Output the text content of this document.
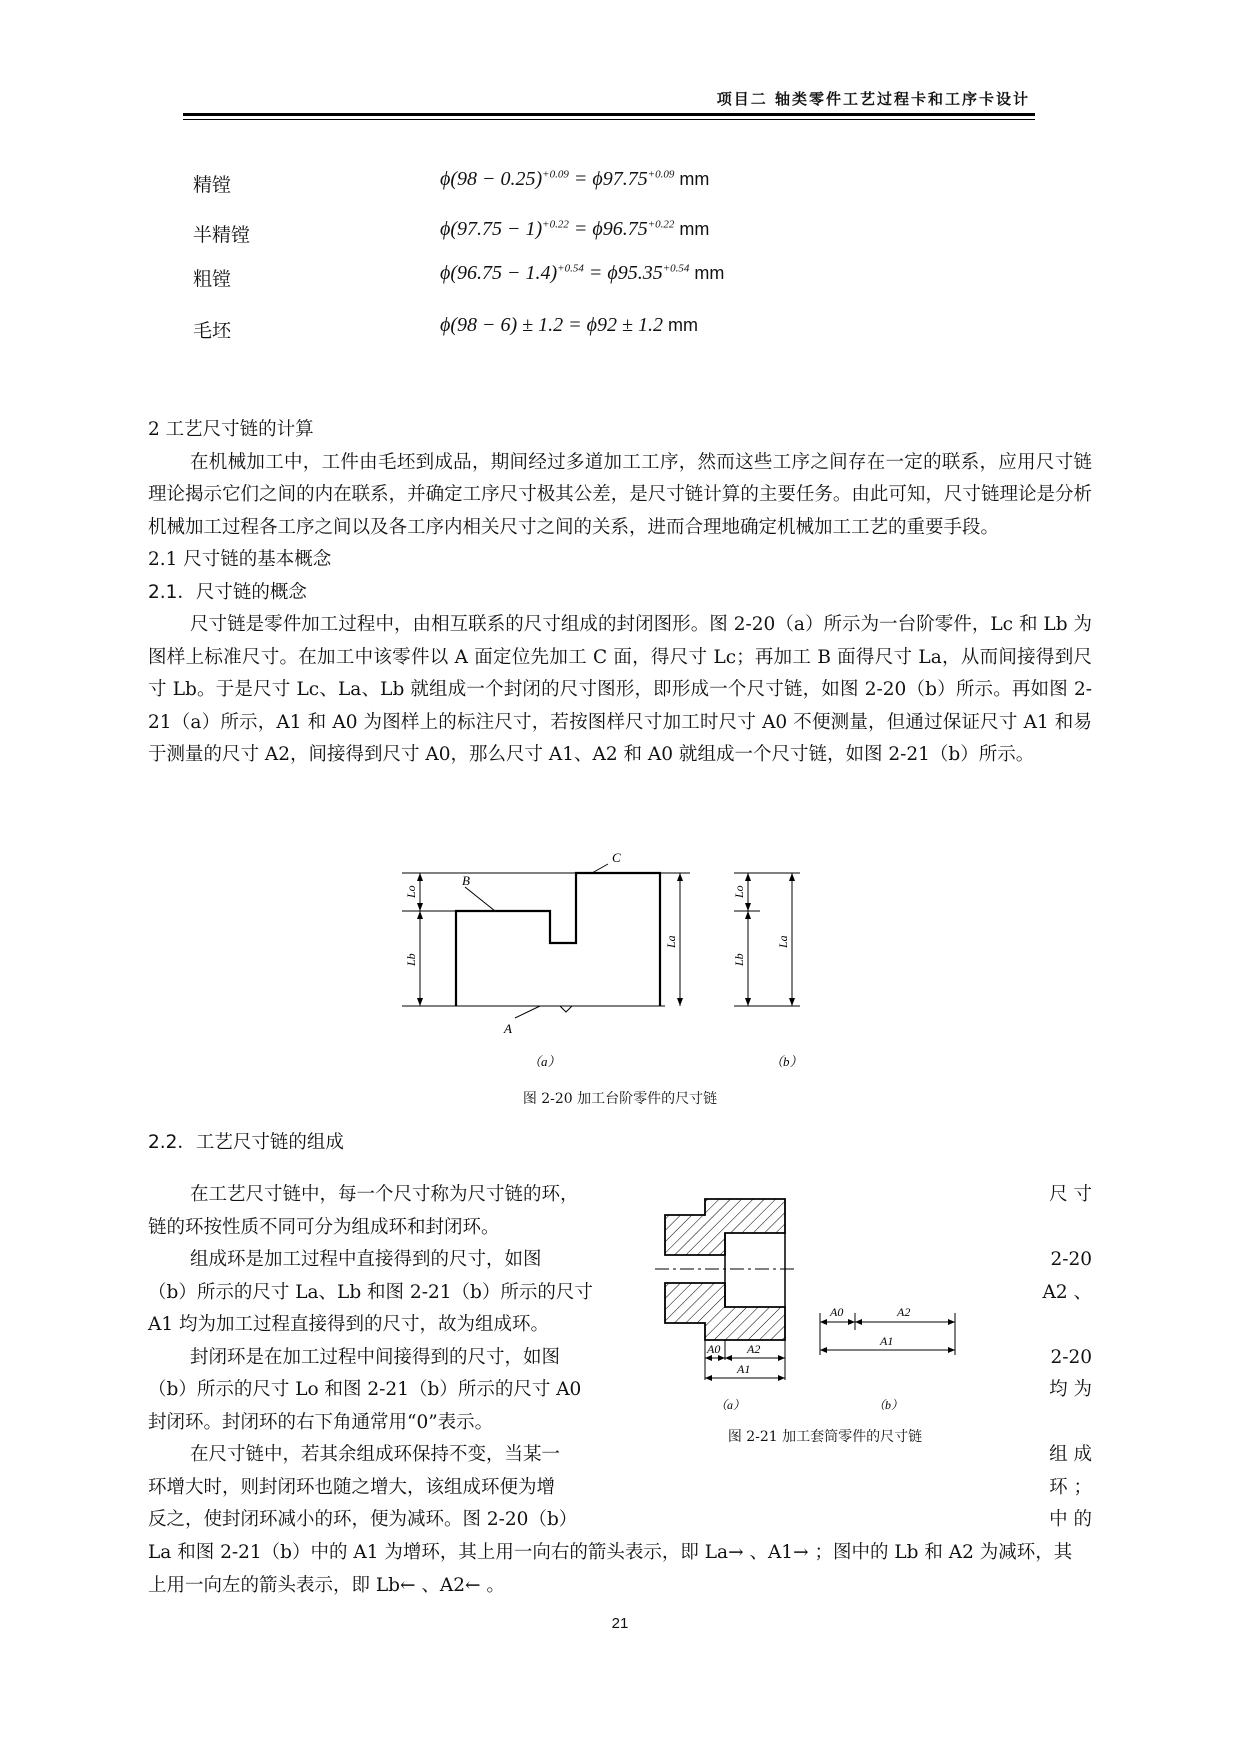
项目二 轴类零件工艺过程卡和工序卡设计
精镗	$\phi(98 - 0.25)^{+0.09} = \phi 97.75^{+0.09}$ mm
半精镗	$\phi(97.75 - 1)^{+0.22} = \phi 96.75^{+0.22}$ mm
粗镗	$\phi(96.75 - 1.4)^{+0.54} = \phi 95.35^{+0.54}$ mm
毛坯	ϕ(98 − 6) ± 1.2 = ϕ92 ± 1.2 mm

2 工艺尺寸链的计算

在机械加工中，工件由毛坯到成品，期间经过多道加工工序，然而这些工序之间存在一定的联系，应用尺寸链理论揭示它们之间的内在联系，并确定工序尺寸极其公差，是尺寸链计算的主要任务。由此可知，尺寸链理论是分析机械加工过程各工序之间以及各工序内相关尺寸之间的关系，进而合理地确定机械加工工艺的重要手段。

2.1 尺寸链的基本概念

2.1．尺寸链的概念

尺寸链是零件加工过程中，由相互联系的尺寸组成的封闭图形。图 2-20（a）所示为一台阶零件，Lc 和 Lb 为图样上标准尺寸。在加工中该零件以 A 面定位先加工 C 面，得尺寸 Lc；再加工 B 面得尺寸 La，从而间接得到尺寸 Lb。于是尺寸 Lc、La、Lb 就组成一个封闭的尺寸图形，即形成一个尺寸链，如图 2-20（b）所示。再如图 2-21（a）所示，A1 和 A0 为图样上的标注尺寸，若按图样尺寸加工时尺寸 A0 不便测量，但通过保证尺寸 A1 和易于测量的尺寸 A2，间接得到尺寸 A0，那么尺寸 A1、A2 和 A0 就组成一个尺寸链，如图 2-21（b）所示。

C
B
A
Lo
Lb
La
Lo
Lb
La
（a）	（b）
图 2-20 加工台阶零件的尺寸链
2.2．工艺尺寸链的组成
在工艺尺寸链中，每一个尺寸称为尺寸链的环，
链的环按性质不同可分为组成环和封闭环。
组成环是加工过程中直接得到的尺寸，如图
（b）所示的尺寸 La、Lb 和图 2-21（b）所示的尺寸
A1 均为加工过程直接得到的尺寸，故为组成环。
封闭环是在加工过程中间接得到的尺寸，如图
（b）所示的尺寸 Lo 和图 2-21（b）所示的尺寸 A0
封闭环。封闭环的右下角通常用“0”表示。
在尺寸链中，若其余组成环保持不变，当某一
环增大时，则封闭环也随之增大，该组成环便为增
反之，使封闭环减小的环，便为减环。图 2-20（b）
尺 寸

2-20
A2 、

2-20
均 为

组 成
环 ；
中 的
A0 A2
A1
A0	A2
A1
（a）	（b）
图 2-21 加工套筒零件的尺寸链

La 和图 2-21（b）中的 A1 为增环，其上用一向右的箭头表示，即 La→ 、A1→ ；图中的 Lb 和 A2 为减环，其

上用一向左的箭头表示，即 Lb← 、A2← 。

21
